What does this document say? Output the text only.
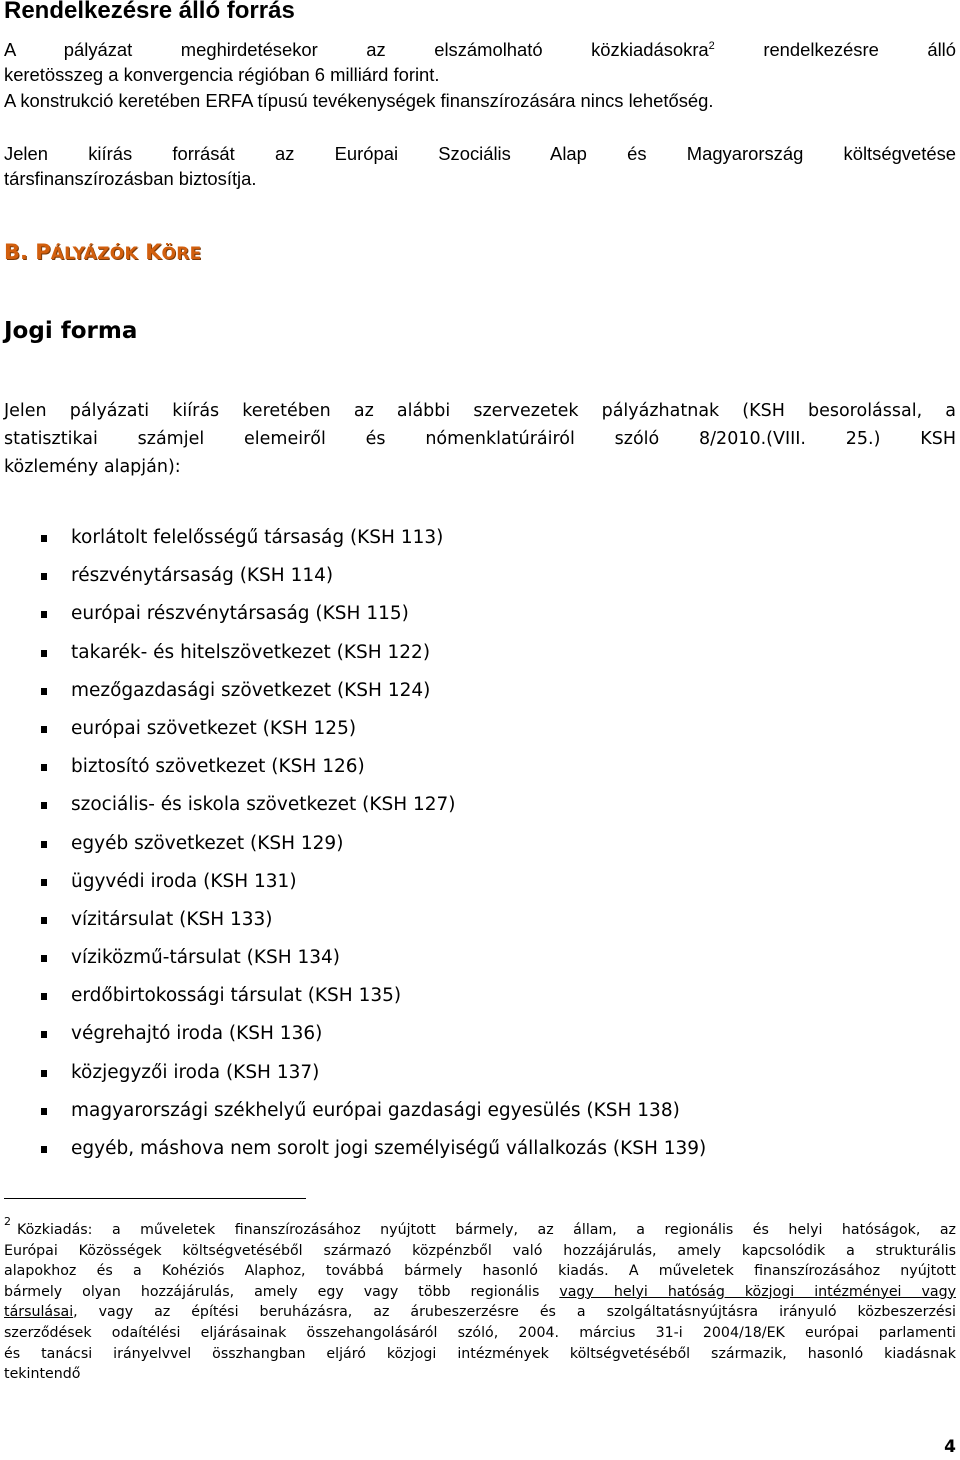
Rendelkezésre álló forrás

A pályázat meghirdetésekor az elszámolható közkiadásokra$^2$ rendelkezésre álló
keretösszeg a konvergencia régióban 6 milliárd forint.

A konstrukció keretében ERFA típusú tevékenységek finanszírozására nincs lehetőség.

Jelen kiírás forrását az Európai Szociális Alap és Magyarország költségvetése
társfinanszírozásban biztosítja.

B. PÁLYÁZÓK KÖRE
Jogi forma

Jelen pályázati kiírás keretében az alábbi szervezetek pályázhatnak (KSH besorolással, a
statisztikai számjel elemeiről és nómenklatúráiról szóló 8/2010.(VIII. 25.) KSH
közlemény alapján):

korlátolt felelősségű társaság (KSH 113)
részvénytársaság (KSH 114)
európai részvénytársaság (KSH 115)
takarék- és hitelszövetkezet (KSH 122)
mezőgazdasági szövetkezet (KSH 124)
európai szövetkezet (KSH 125)
biztosító szövetkezet (KSH 126)
szociális- és iskola szövetkezet (KSH 127)
egyéb szövetkezet (KSH 129)
ügyvédi iroda (KSH 131)
vízitársulat (KSH 133)
víziközmű-társulat (KSH 134)
erdőbirtokossági társulat (KSH 135)
végrehajtó iroda (KSH 136)
közjegyzői iroda (KSH 137)
magyarországi székhelyű európai gazdasági egyesülés (KSH 138)
egyéb, máshova nem sorolt jogi személyiségű vállalkozás (KSH 139)

$^2$Közkiadás: a műveletek finanszírozásához nyújtott bármely, az állam, a regionális és helyi hatóságok, az
Európai Közösségek költségvetéséből származó közpénzből való hozzájárulás, amely kapcsolódik a strukturális
alapokhoz és a Kohéziós Alaphoz, továbbá bármely hasonló kiadás. A műveletek finanszírozásához nyújtott
bármely olyan hozzájárulás, amely egy vagy több regionális vagy helyi hatóság közjogi intézményei vagy
társulásai, vagy az építési beruházásra, az árubeszerzésre és a szolgáltatásnyújtásra irányuló közbeszerzési
szerződések odaítélési eljárásainak összehangolásáról szóló, 2004. március 31-i 2004/18/EK európai parlamenti
és tanácsi irányelvvel összhangban eljáró közjogi intézmények költségvetéséből származik, hasonló kiadásnak
tekintendő

4
